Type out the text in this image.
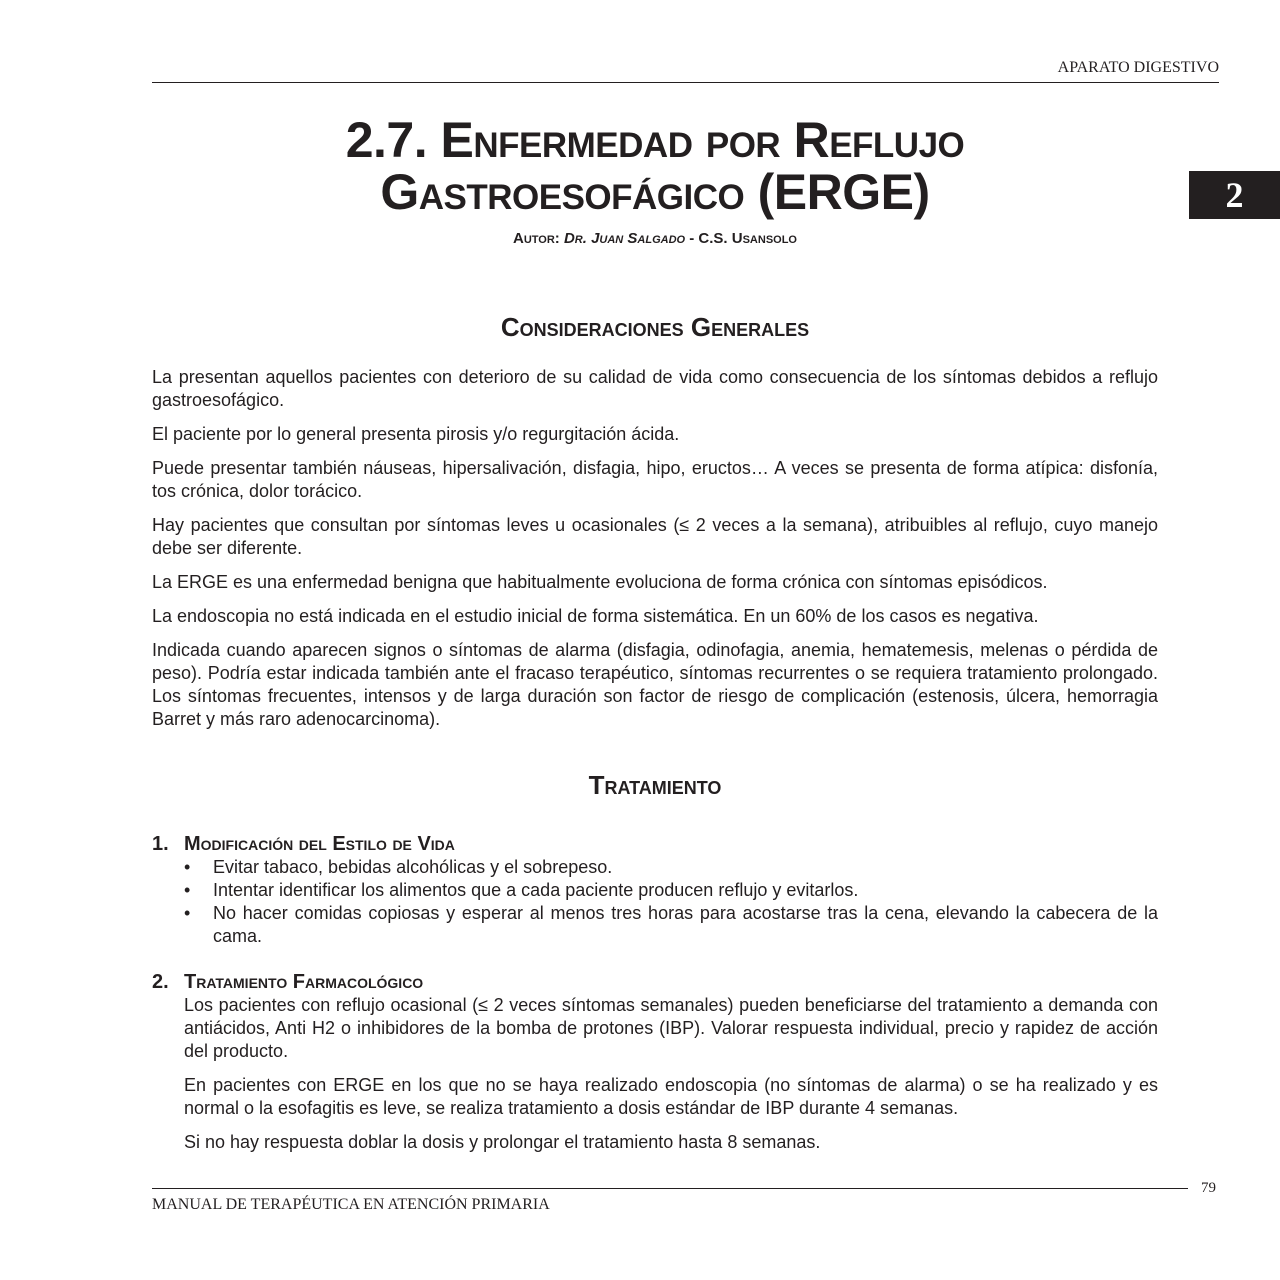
APARATO DIGESTIVO
2
2.7. Enfermedad por Reflujo
Gastroesofágico (ERGE)
Autor: Dr. Juan Salgado - C.S. Usansolo
Consideraciones Generales

La presentan aquellos pacientes con deterioro de su calidad de vida como consecuencia de los síntomas debidos a reflujo gastroesofágico.

El paciente por lo general presenta pirosis y/o regurgitación ácida.

Puede presentar también náuseas, hipersalivación, disfagia, hipo, eructos… A veces se presenta de forma atípica: disfonía, tos crónica, dolor torácico.

Hay pacientes que consultan por síntomas leves u ocasionales (≤ 2 veces a la semana), atribuibles al reflujo, cuyo manejo debe ser diferente.

La ERGE es una enfermedad benigna que habitualmente evoluciona de forma crónica con síntomas episódicos.

La endoscopia no está indicada en el estudio inicial de forma sistemática. En un 60% de los casos es negativa.

Indicada cuando aparecen signos o síntomas de alarma (disfagia, odinofagia, anemia, hematemesis, melenas o pérdida de peso). Podría estar indicada también ante el fracaso terapéutico, síntomas recurrentes o se requiera tratamiento prolongado. Los síntomas frecuentes, intensos y de larga duración son factor de riesgo de complicación (estenosis, úlcera, hemorragia Barret y más raro adenocarcinoma).

Tratamiento
1. Modificación del Estilo de Vida
•	Evitar tabaco, bebidas alcohólicas y el sobrepeso.
•	Intentar identificar los alimentos que a cada paciente producen reflujo y evitarlos.
•	No hacer comidas copiosas y esperar al menos tres horas para acostarse tras la cena, elevando la cabecera de la cama.
2. Tratamiento Farmacológico

Los pacientes con reflujo ocasional (≤ 2 veces síntomas semanales) pueden beneficiarse del tratamiento a demanda con antiácidos, Anti H2 o inhibidores de la bomba de protones (IBP). Valorar respuesta individual, precio y rapidez de acción del producto.

En pacientes con ERGE en los que no se haya realizado endoscopia (no síntomas de alarma) o se ha realizado y es normal o la esofagitis es leve, se realiza tratamiento a dosis estándar de IBP durante 4 semanas.

Si no hay respuesta doblar la dosis y prolongar el tratamiento hasta 8 semanas.

79
MANUAL DE TERAPÉUTICA EN ATENCIÓN PRIMARIA
